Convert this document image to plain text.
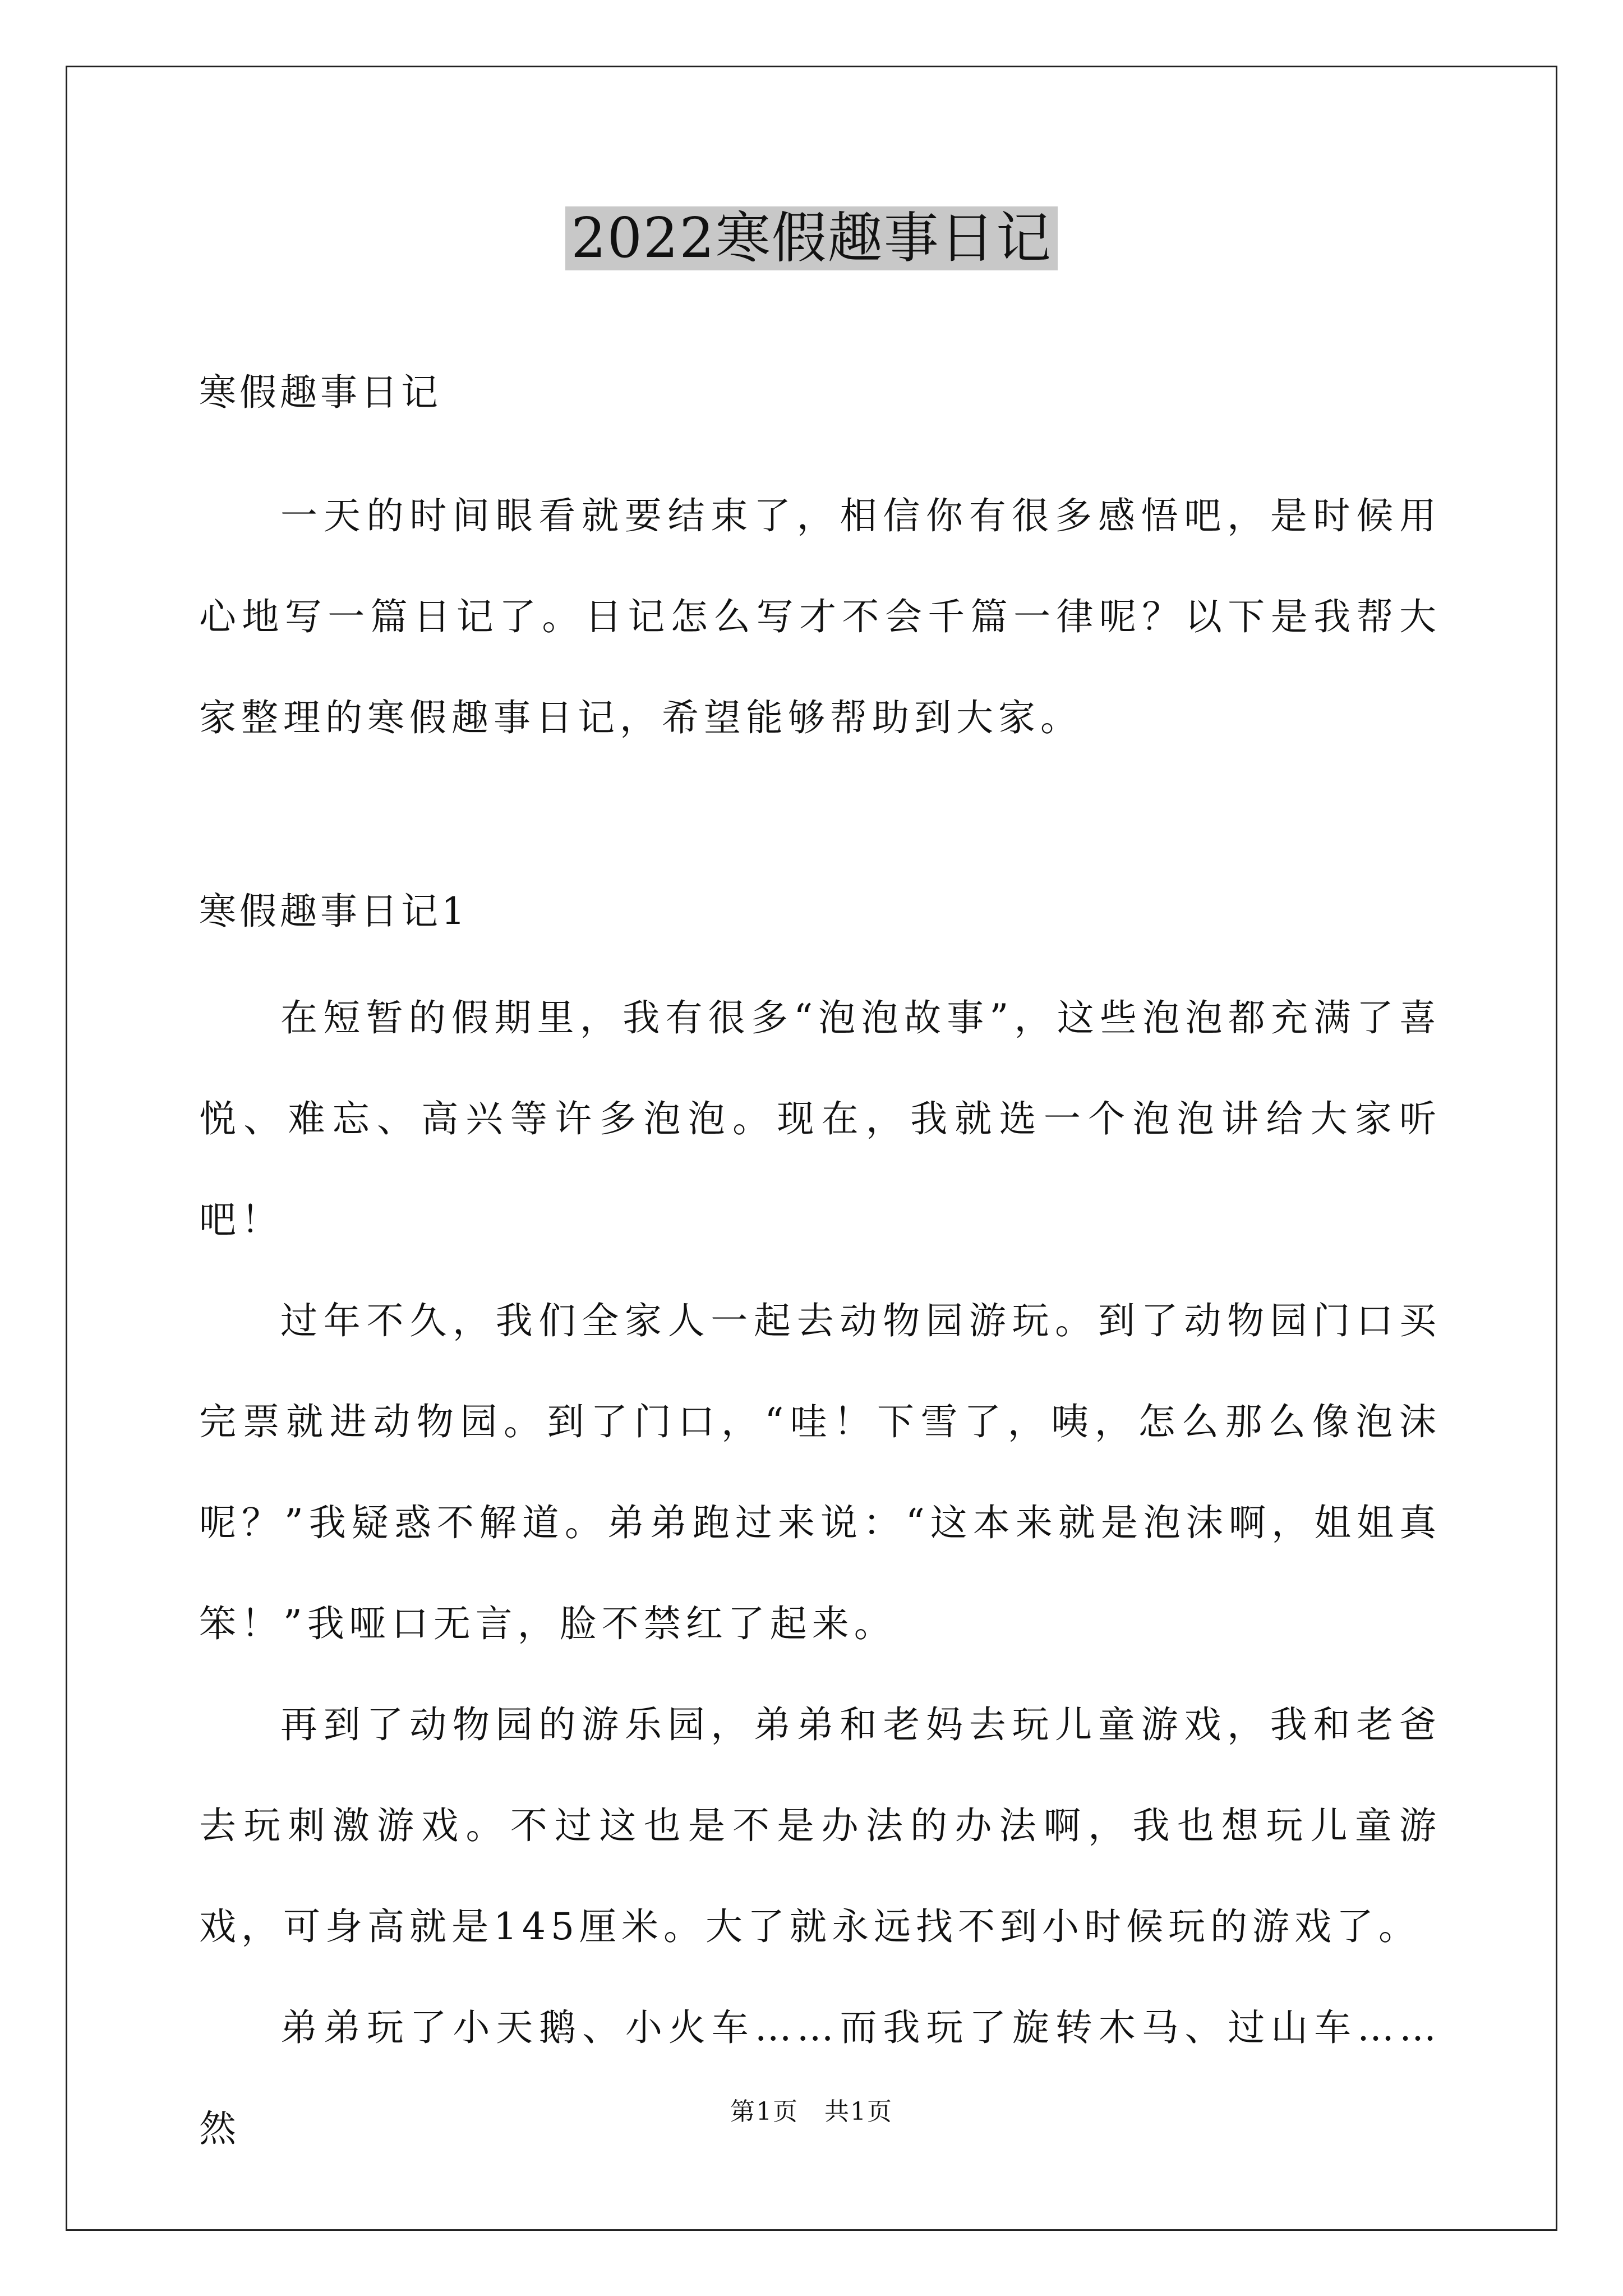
2022寒假趣事日记

寒假趣事日记

一天的时间眼看就要结束了，相信你有很多感悟吧，是时候用心地写一篇日记了。日记怎么写才不会千篇一律呢？以下是我帮大家整理的寒假趣事日记，希望能够帮助到大家。

寒假趣事日记1

在短暂的假期里，我有很多“泡泡故事”，这些泡泡都充满了喜悦、难忘、高兴等许多泡泡。现在，我就选一个泡泡讲给大家听吧！

过年不久，我们全家人一起去动物园游玩。到了动物园门口买完票就进动物园。到了门口，“哇！下雪了，咦，怎么那么像泡沫呢？”我疑惑不解道。弟弟跑过来说：“这本来就是泡沫啊，姐姐真笨！”我哑口无言，脸不禁红了起来。

再到了动物园的游乐园，弟弟和老妈去玩儿童游戏，我和老爸去玩刺激游戏。不过这也是不是办法的办法啊，我也想玩儿童游戏，可身高就是145厘米。大了就永远找不到小时候玩的游戏了。

弟弟玩了小天鹅、小火车……而我玩了旋转木马、过山车……然	第1页　共1页
